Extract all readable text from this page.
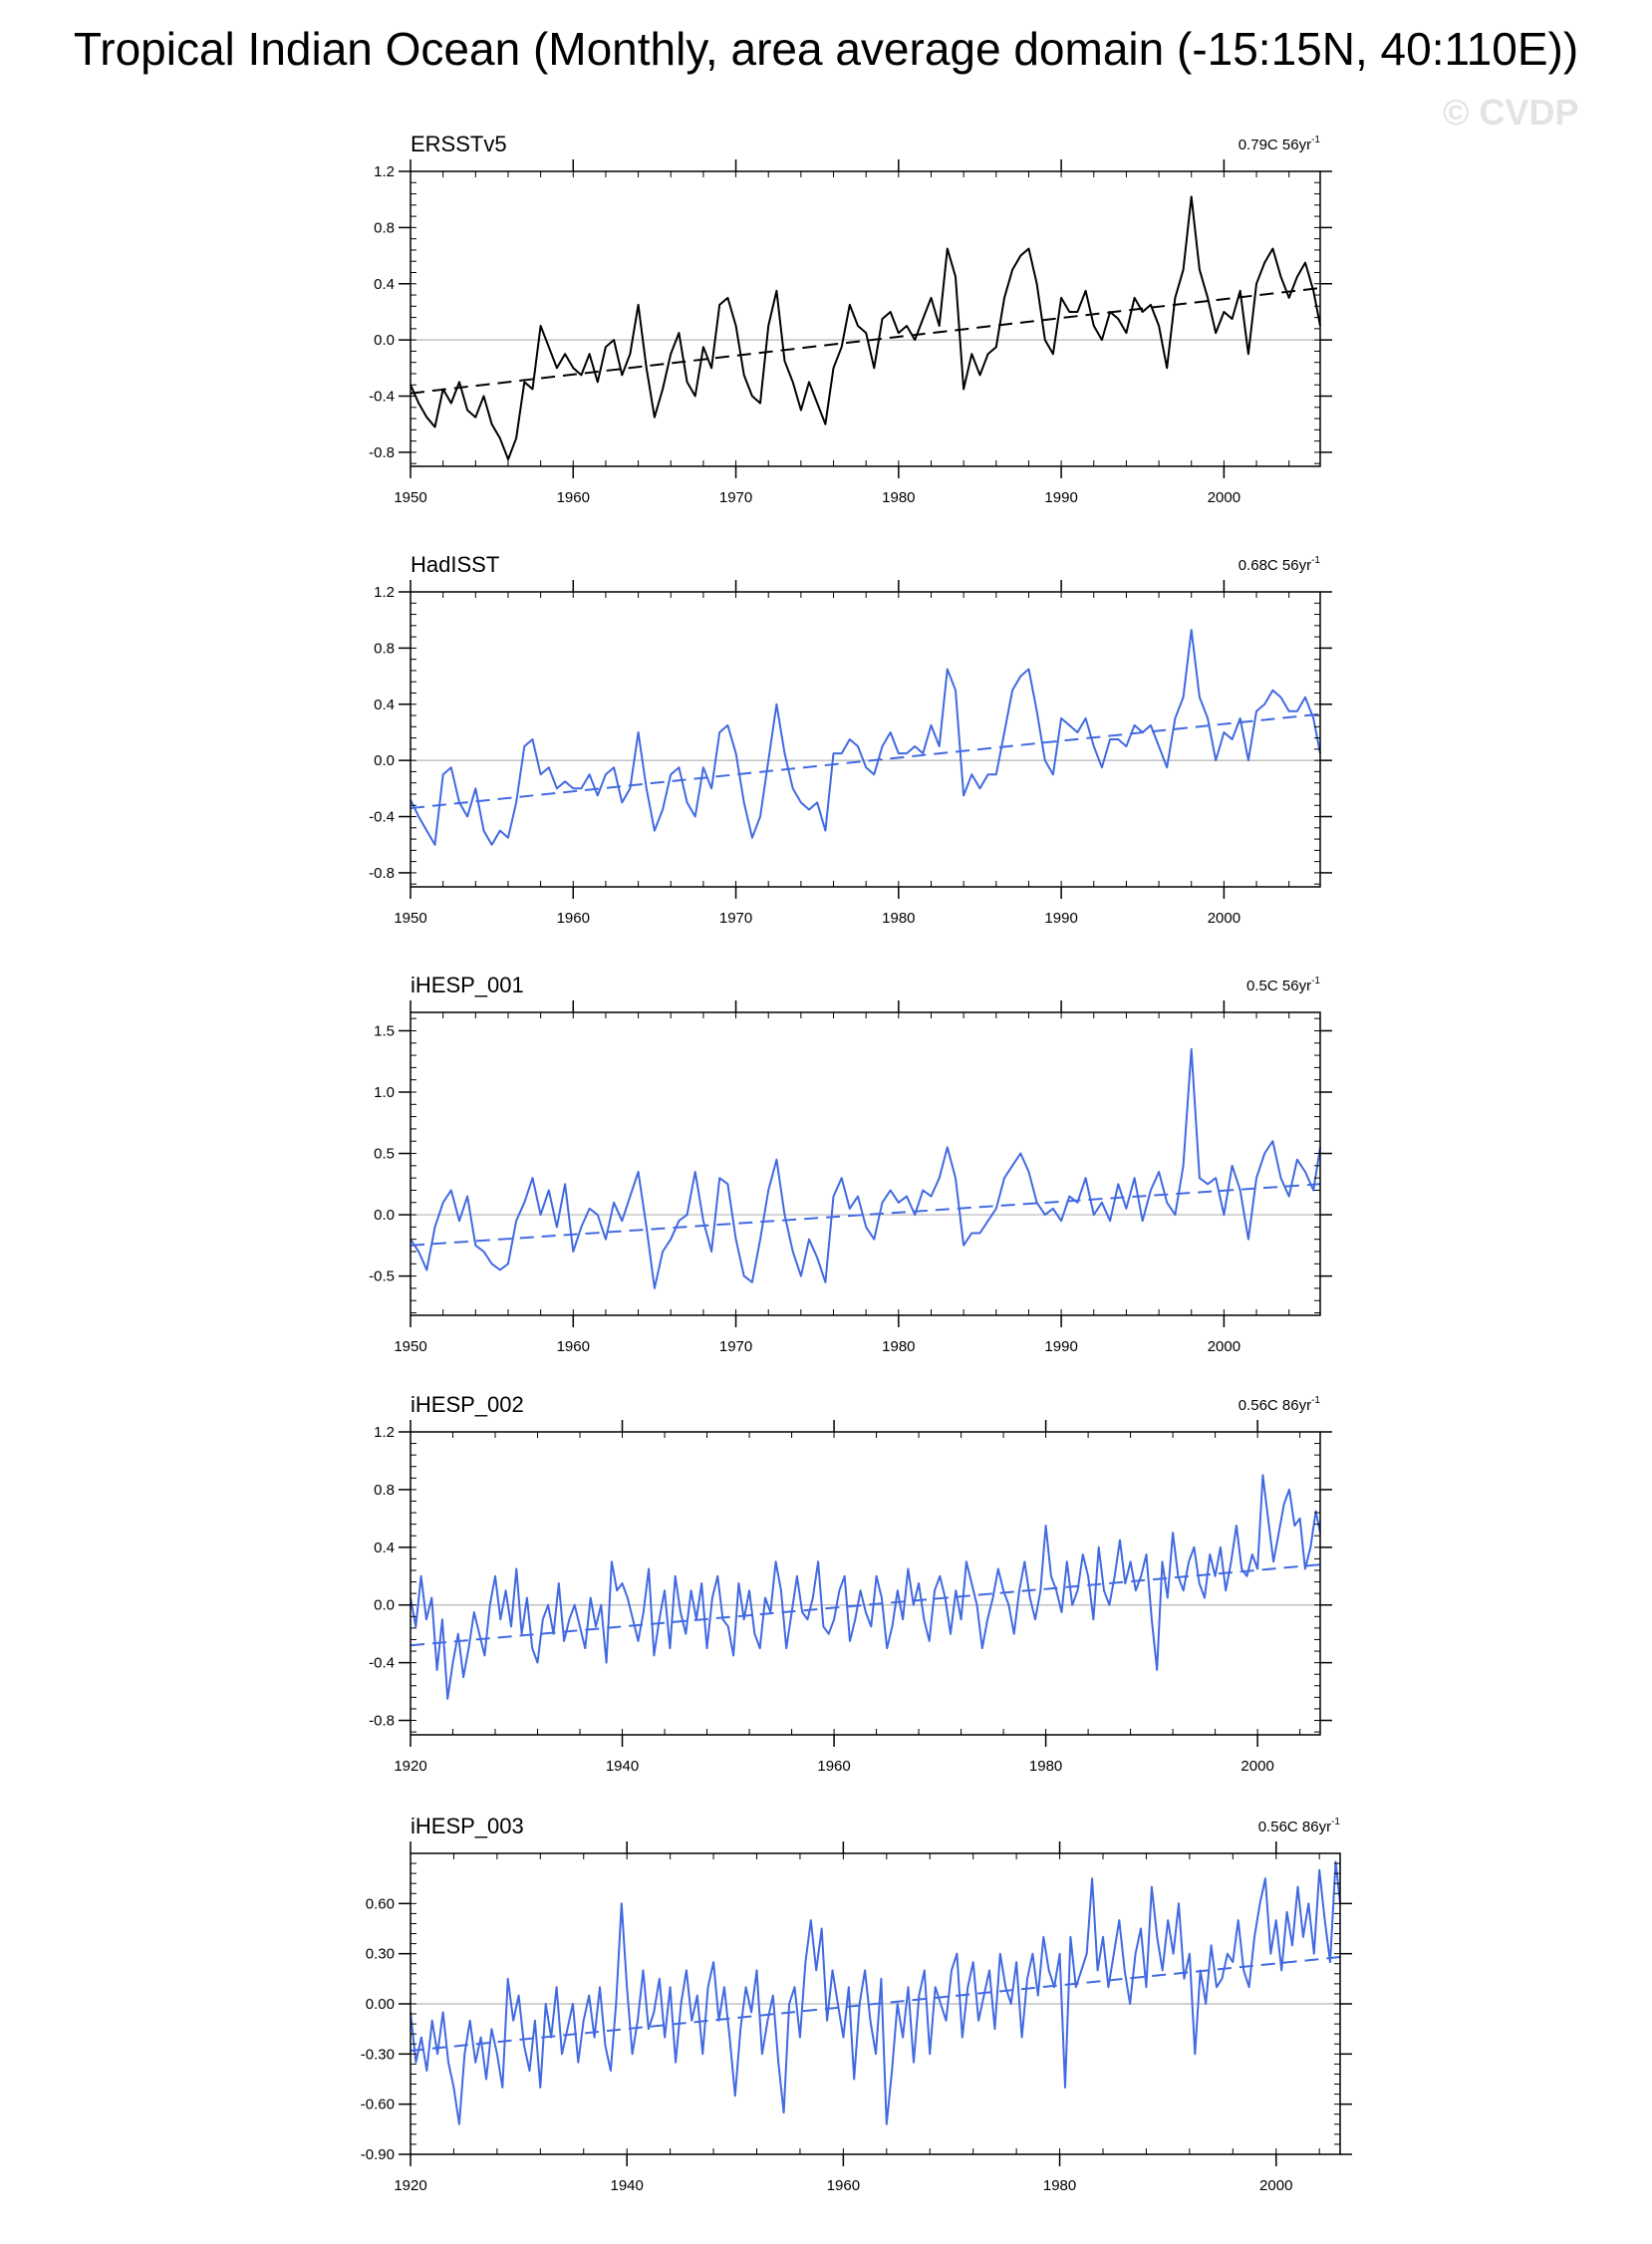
Tropical Indian Ocean (Monthly, area average domain (-15:15N, 40:110E))
© CVDP
ERSSTv5	0.79C $56yr^{-1}$
-0.8
-0.4
0.0
0.4
0.8
1.2
1950	1960	1970	1980	1990	2000
HadISST	0.68C $56yr^{-1}$
-0.8
-0.4
0.0
0.4
0.8
1.2
1950	1960	1970	1980	1990	2000
iHESP_001	0.5C $56yr^{-1}$
-0.5
0.0
0.5
1.0
1.5
1950	1960	1970	1980	1990	2000
iHESP_002	0.56C $86yr^{-1}$
-0.8
-0.4
0.0
0.4
0.8
1.2
1920	1940	1960	1980	2000
iHESP_003	0.56C $86yr^{-1}$
-0.90
-0.60
-0.30
0.00
0.30
0.60
1920	1940	1960	1980	2000
